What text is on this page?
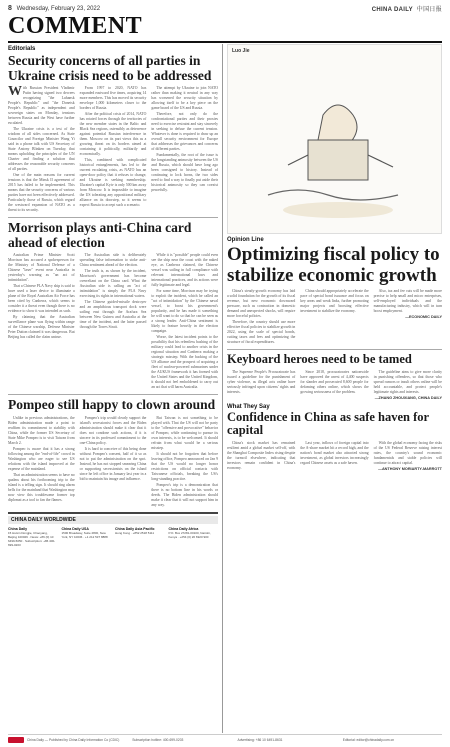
8 Wednesday, February 23, 2022	CHINA DAILY 中国日报
COMMENT
Editorials
Security concerns of all parties in Ukraine crisis need to be addressed

With Russian President Vladimir Putin having signed two decrees recognizing "the Luhansk People's Republic" and "the Donetsk People's Republic" as independent and sovereign states on Monday, tensions between Russia and the West have further escalated.

The Ukraine crisis is a test of the wisdom of all sides concerned. As State Councilor and Foreign Minister Wang Yi said in a phone talk with US Secretary of State Antony Blinken on Tuesday, that means upholding the principles of the UN Charter and finding a solution that addresses the reasonable security concerns of all parties.

One of the main reasons for current tensions is that the Minsk II agreement of 2015 has failed to be implemented. This means that the security concerns of various parties have not been effectively addressed. Particularly those of Russia, which regard the westward expansion of NATO as a threat to its security.

From 1997 to 2020, NATO has expanded eastward five times, acquiring 14 more members. This has moved its security envelope 1,000 kilometers closer to the borders of Russia.

After the political crisis of 2014, NATO has rotated forces through the territories of the new member states in the Baltic and Black Sea regions, ostensibly as deterrence against potential Russian interference in them. Moscow on its part views this as a growing threat on its borders aimed at containing it politically, militarily and economically.

This, combined with complicated historical entanglements, has led to the current escalating crisis, as NATO has an open-door policy that it refuses to change, and Ukraine is seeking membership. Ukraine's capital Kyiv is only 500 km away from Moscow. It is impossible to imagine the US tolerating any oppositional military alliance on its doorstep, so it seems to expect Russia to accept such a scenario.

The attempt by Ukraine to join NATO rather than making it neutral in any way has worsened the security situation by allowing itself to be a key piece on the game board of the US and Russia.

Therefore, not only do the confrontational parties and their proxies need to exercise restraint and stay sincerely in seeking to defuse the current tension. Whatever is done is required to draw up an overall security environment for Europe that addresses the grievances and concerns of different parties.

Fundamentally, the root of the issue is the longstanding animosity between the US and Russia, which should have long ago been consigned to history. Instead of continuing to lock horns, the two sides need to find a way to finally put aside their historical animosity so they can coexist peacefully.

Morrison plays anti-China card ahead of election

Australian Prime Minister Scott Morrison has accused a spokesperson for the Ministry of National Defense of a Chinese "laser" event near Australia in yesterday's warning as "an act of intimidation".

That a Chinese PLA Navy ship is said to have used a laser device to illuminate a plane of the Royal Australian Air Force has been cited by Canberra, which seems to consider it a threat even though there is no evidence to show it was intended as such.

By claiming that the Australian surveillance plane was flying within range of the Chinese warship, Defense Minister Peter Dutton claimed it was dangerous. But Beijing has called the claim untrue.

The Australian side is deliberately spreading false information to stoke anti-China sentiment ahead of the election.

The truth is, as shown by the incident, Morrison's government has become overreliant on the China card. What the Australian side is calling an "act of intimidation" is simply the PLA Navy exercising its rights in international waters.

The Chinese guided-missile destroyer and an amphibious transport dock were sailing east through the Arafura Sea between New Guinea and Australia at the time of the incident, and the latter passed through the Torres Strait.

While it is "possible" people could even see the ship near the coast with the naked eye, as Canberra claimed, the Chinese vessel was sailing in full compliance with relevant international laws and international practices, and its actions were fully legitimate and legal.

For some time, Morrison may be trying to exploit the incident, which he called an "act of intimidation" by the Chinese naval vessel, to boost his government's popularity, and he has made it something he will want to do so that he can be seen as a strong leader. Anti-China sentiment is likely to feature heavily in the election campaign.

Worse, the latest incident points to the possibility that his relentless bashing of the military could lead to another crisis in the regional situation and Canberra making a strategic misstep. With the backing of the US alliance and the prospect of acquiring a fleet of nuclear-powered submarines under the AUKUS framework it has formed with the United States and the United Kingdom, it should not feel emboldened to carry out an act that will harm Australia.

Pompeo still happy to clown around

Unlike in previous administrations, the Biden administration made a point to reaffirm its commitment to stability with China, while the former US Secretary of State Mike Pompeo is to visit Taiwan from March 2.

Pompeo is aware that it has a strong following among the "end-of-life" crowd in Washington who are eager to see US relations with the island improved at the expense of the mainland.

That an administration seems to have no qualms about his forthcoming trip to the island is a telling sign. It should ring alarm bells for the mainland that Washington may now view this troublesome former top diplomat as a tool to fan the flames.

Pompeo's trip would clearly support the island's secessionist forces and the Biden administration should make it clear that it does not condone such actions, if it is sincere in its professed commitment to the one-China policy.

It is hard to conceive of this being done without Pompeo's consent, half of it so as not to put the administration on the spot. Instead, he has not stopped smearing China or supporting secessionists on the island since he left office in January last year in a bid to maintain his image and influence.

But Taiwan is not something to be played with. That the US will not be party to the "offensive and provocative" behavior of Pompeo, while continuing to pursue its own interests, is to be welcomed. It should refrain from what would be a serious misstep.

It should not be forgotten that before leaving office, Pompeo announced on Jan 9 that the US would no longer honor restrictions on official contacts with Taiwanese officials, breaking the US's long-standing practice.

Pompeo's trip is a demonstration that there is no bottom line in his words or deeds. The Biden administration should make it clear that it will not support him in any way.

CHINA DAILY WORLDWIDE
China Daily
15 Huixin Dongjie, Chaoyang, Beijing 100029 · News: +86 (0) 10 6499-5050 · Subscription: +86 400-699-0203
China Daily USA
1500 Broadway, Suite 2800, New York, NY 10036 · +1 212 537 8888
China Daily Asia Pacific
Hong Kong · +852 2518 5111
China Daily Africa
P.O. Box 27281-00100, Nairobi, Kenya · +254 (0) 20 6920 900
Luo Jie
Opinion Line
Optimizing fiscal policy to stabilize economic growth

China's steady-growth economy has laid a solid foundation for the growth of its fiscal revenue, but new economic downward pressure, such as contraction in domestic demand and unexpected shocks, will require more forceful policies.

Therefore, the country should use more effective fiscal policies to stabilize growth in 2022, using the scale of special bonds, cutting taxes and fees and optimizing the structure of fiscal expenditures.

China should appropriately accelerate the pace of special bond issuance and focus on key areas and weak links, further promoting major projects and boosting effective investment to stabilize the economy.

Also, tax and fee cuts will be made more precise to help small and micro enterprises, self-employed individuals and the manufacturing industry, which will in turn boost employment.

—ECONOMIC DAILY
Keyboard heroes need to be tamed

The Supreme People's Procuratorate has issued a guideline for the punishment of cyber violence, as illegal acts online have seriously infringed upon citizens' rights and interests.

Since 2018, procuratorates nationwide have approved the arrest of 4,400 suspects for slander and prosecuted 8,600 people for defaming others online, which shows the growing seriousness of the problem.

The guideline aims to give more clarity in punishing offenders, so that those who spread rumors or insult others online will be held accountable, and protect people's legitimate rights and interests.

—ZHANG ZHOUXIANG, CHINA DAILY
What They Say
Confidence in China as safe haven for capital

China's stock market has remained resilient amid a global market sell-off, with the Shanghai Composite Index rising despite the turmoil elsewhere, indicating that investors remain confident in China's economy.

Last year, inflows of foreign capital into the A-share market hit a record high, and the nation's bond market also attracted strong investment, as global investors increasingly regard Chinese assets as a safe haven.

With the global economy facing the risks of the US Federal Reserve raising interest rates, the country's sound economic fundamentals and stable policies will continue to attract capital.

—ANTHONY MORIARTY-MARROTT
China Daily — Published by China Daily Information Co (CDIC)	Subscription hotline: 400-699-0203	Advertising: +86 10 6491-8631	Editorial: editor@chinadaily.com.cn
